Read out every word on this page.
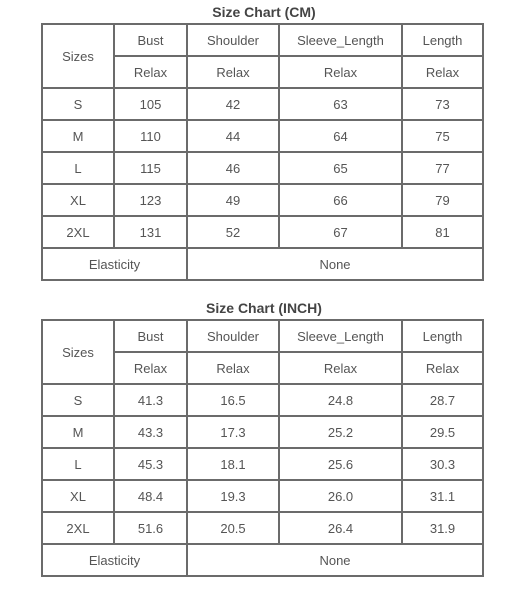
Size Chart (CM)
Sizes	Bust	Shoulder	Sleeve_Length	Length
	Relax	Relax	Relax	Relax
S	105	42	63	73
M	110	44	64	75
L	115	46	65	77
XL	123	49	66	79
2XL	131	52	67	81
Elasticity		None		
Size Chart (INCH)
Sizes	Bust	Shoulder	Sleeve_Length	Length
	Relax	Relax	Relax	Relax
S	41.3	16.5	24.8	28.7
M	43.3	17.3	25.2	29.5
L	45.3	18.1	25.6	30.3
XL	48.4	19.3	26.0	31.1
2XL	51.6	20.5	26.4	31.9
Elasticity		None		
